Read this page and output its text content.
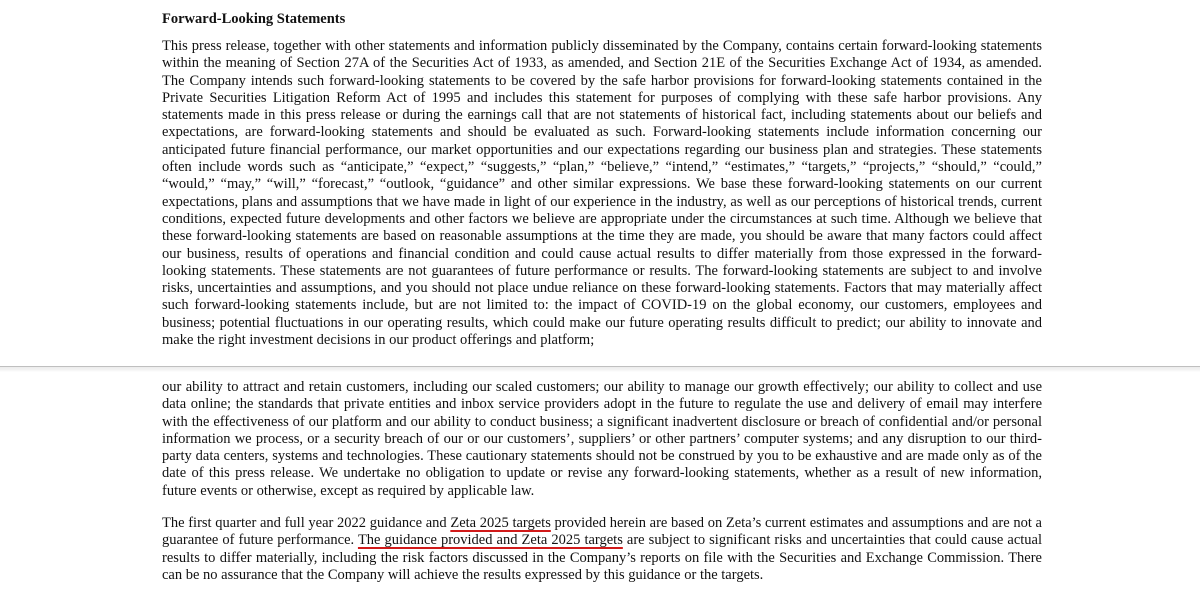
Forward-Looking Statements

This press release, together with other statements and information publicly disseminated by the Company, contains certain forward-looking statements within the meaning of Section 27A of the Securities Act of 1933, as amended, and Section 21E of the Securities Exchange Act of 1934, as amended. The Company intends such forward-looking statements to be covered by the safe harbor provisions for forward-looking statements contained in the Private Securities Litigation Reform Act of 1995 and includes this statement for purposes of complying with these safe harbor provisions. Any statements made in this press release or during the earnings call that are not statements of historical fact, including statements about our beliefs and expectations, are forward-looking statements and should be evaluated as such. Forward-looking statements include information concerning our anticipated future financial performance, our market opportunities and our expectations regarding our business plan and strategies. These statements often include words such as “anticipate,” “expect,” “suggests,” “plan,” “believe,” “intend,” “estimates,” “targets,” “projects,” “should,” “could,” “would,” “may,” “will,” “forecast,” “outlook, “guidance” and other similar expressions. We base these forward-looking statements on our current expectations, plans and assumptions that we have made in light of our experience in the industry, as well as our perceptions of historical trends, current conditions, expected future developments and other factors we believe are appropriate under the circumstances at such time. Although we believe that these forward-looking statements are based on reasonable assumptions at the time they are made, you should be aware that many factors could affect our business, results of operations and financial condition and could cause actual results to differ materially from those expressed in the forward-looking statements. These statements are not guarantees of future performance or results. The forward-looking statements are subject to and involve risks, uncertainties and assumptions, and you should not place undue reliance on these forward-looking statements. Factors that may materially affect such forward-looking statements include, but are not limited to: the impact of COVID-19 on the global economy, our customers, employees and business; potential fluctuations in our operating results, which could make our future operating results difficult to predict; our ability to innovate and make the right investment decisions in our product offerings and platform;

our ability to attract and retain customers, including our scaled customers; our ability to manage our growth effectively; our ability to collect and use data online; the standards that private entities and inbox service providers adopt in the future to regulate the use and delivery of email may interfere with the effectiveness of our platform and our ability to conduct business; a significant inadvertent disclosure or breach of confidential and/or personal information we process, or a security breach of our or our customers’, suppliers’ or other partners’ computer systems; and any disruption to our third-party data centers, systems and technologies. These cautionary statements should not be construed by you to be exhaustive and are made only as of the date of this press release. We undertake no obligation to update or revise any forward-looking statements, whether as a result of new information, future events or otherwise, except as required by applicable law.

The first quarter and full year 2022 guidance and Zeta 2025 targets provided herein are based on Zeta’s current estimates and assumptions and are not a guarantee of future performance. The guidance provided and Zeta 2025 targets are subject to significant risks and uncertainties that could cause actual results to differ materially, including the risk factors discussed in the Company’s reports on file with the Securities and Exchange Commission. There can be no assurance that the Company will achieve the results expressed by this guidance or the targets.
